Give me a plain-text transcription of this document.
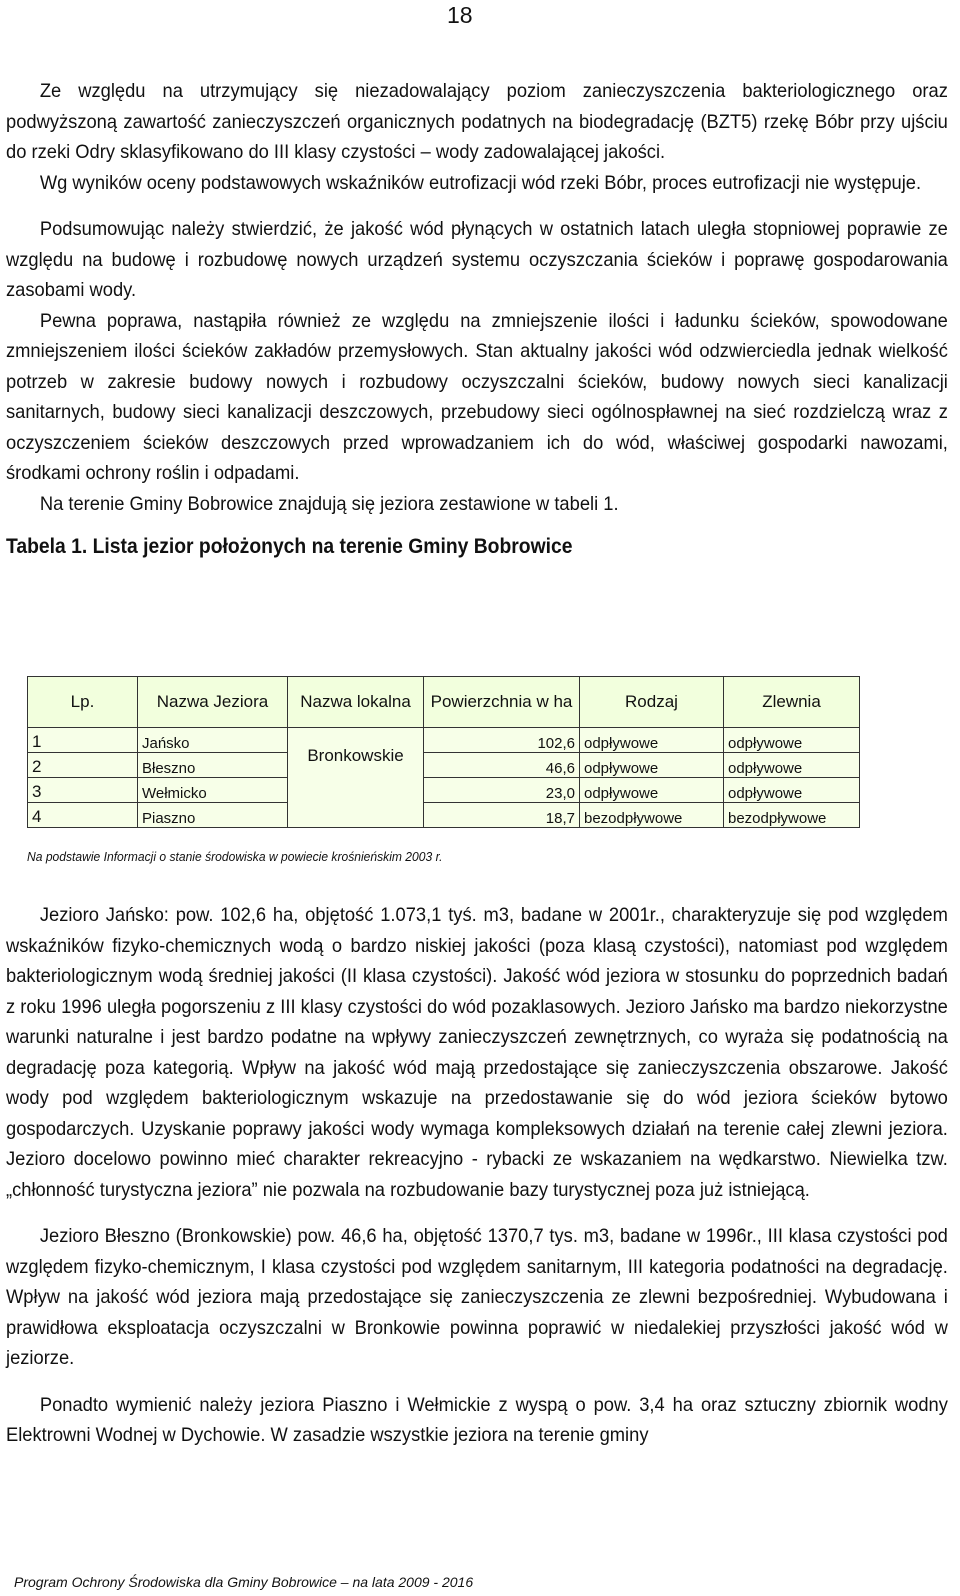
18

Ze względu na utrzymujący się niezadowalający poziom zanieczyszczenia bakteriologicznego oraz podwyższoną zawartość zanieczyszczeń organicznych podatnych na biodegradację (BZT5) rzekę Bóbr przy ujściu do rzeki Odry sklasyfikowano do III klasy czystości – wody zadowalającej jakości.

Wg wyników oceny podstawowych wskaźników eutrofizacji wód rzeki Bóbr, proces eutrofizacji nie występuje.

Podsumowując należy stwierdzić, że jakość wód płynących w ostatnich latach uległa stopniowej poprawie ze względu na budowę i rozbudowę nowych urządzeń systemu oczyszczania ścieków i poprawę gospodarowania zasobami wody.

Pewna poprawa, nastąpiła również ze względu na zmniejszenie ilości i ładunku ścieków, spowodowane zmniejszeniem ilości ścieków zakładów przemysłowych. Stan aktualny jakości wód odzwierciedla jednak wielkość potrzeb w zakresie budowy nowych i rozbudowy oczyszczalni ścieków, budowy nowych sieci kanalizacji sanitarnych, budowy sieci kanalizacji deszczowych, przebudowy sieci ogólnospławnej na sieć rozdzielczą wraz z oczyszczeniem ścieków deszczowych przed wprowadzaniem ich do wód, właściwej gospodarki nawozami, środkami ochrony roślin i odpadami.

Na terenie Gminy Bobrowice znajdują się jeziora zestawione w tabeli 1.

Tabela 1. Lista jezior położonych na terenie Gminy Bobrowice
Lp.	Nazwa Jeziora	Nazwa lokalna	Powierzchnia w ha	Rodzaj	Zlewnia
1	Jańsko	Bronkowskie	102,6	odpływowe	odpływowe
2	Błeszno		46,6	odpływowe	odpływowe
3	Wełmicko		23,0	odpływowe	odpływowe
4	Piaszno		18,7	bezodpływowe	bezodpływowe
Na podstawie Informacji o stanie środowiska w powiecie krośnieńskim 2003 r.

Jezioro Jańsko: pow. 102,6 ha, objętość 1.073,1 tyś. m3, badane w 2001r., charakteryzuje się pod względem wskaźników fizyko-chemicznych wodą o bardzo niskiej jakości (poza klasą czystości), natomiast pod względem bakteriologicznym wodą średniej jakości (II klasa czystości). Jakość wód jeziora w stosunku do poprzednich badań z roku 1996 uległa pogorszeniu z III klasy czystości do wód pozaklasowych. Jezioro Jańsko ma bardzo niekorzystne warunki naturalne i jest bardzo podatne na wpływy zanieczyszczeń zewnętrznych, co wyraża się podatnością na degradację poza kategorią. Wpływ na jakość wód mają przedostające się zanieczyszczenia obszarowe. Jakość wody pod względem bakteriologicznym wskazuje na przedostawanie się do wód jeziora ścieków bytowo gospodarczych. Uzyskanie poprawy jakości wody wymaga kompleksowych działań na terenie całej zlewni jeziora. Jezioro docelowo powinno mieć charakter rekreacyjno - rybacki ze wskazaniem na wędkarstwo. Niewielka tzw. „chłonność turystyczna jeziora” nie pozwala na rozbudowanie bazy turystycznej poza już istniejącą.

Jezioro Błeszno (Bronkowskie) pow. 46,6 ha, objętość 1370,7 tys. m3, badane w 1996r., III klasa czystości pod względem fizyko-chemicznym, I klasa czystości pod względem sanitarnym, III kategoria podatności na degradację. Wpływ na jakość wód jeziora mają przedostające się zanieczyszczenia ze zlewni bezpośredniej. Wybudowana i prawidłowa eksploatacja oczyszczalni w Bronkowie powinna poprawić w niedalekiej przyszłości jakość wód w jeziorze.

Ponadto wymienić należy jeziora Piaszno i Wełmickie z wyspą o pow. 3,4 ha oraz sztuczny zbiornik wodny Elektrowni Wodnej w Dychowie. W zasadzie wszystkie jeziora na terenie gminy

Program Ochrony Środowiska dla Gminy Bobrowice – na lata 2009 - 2016
